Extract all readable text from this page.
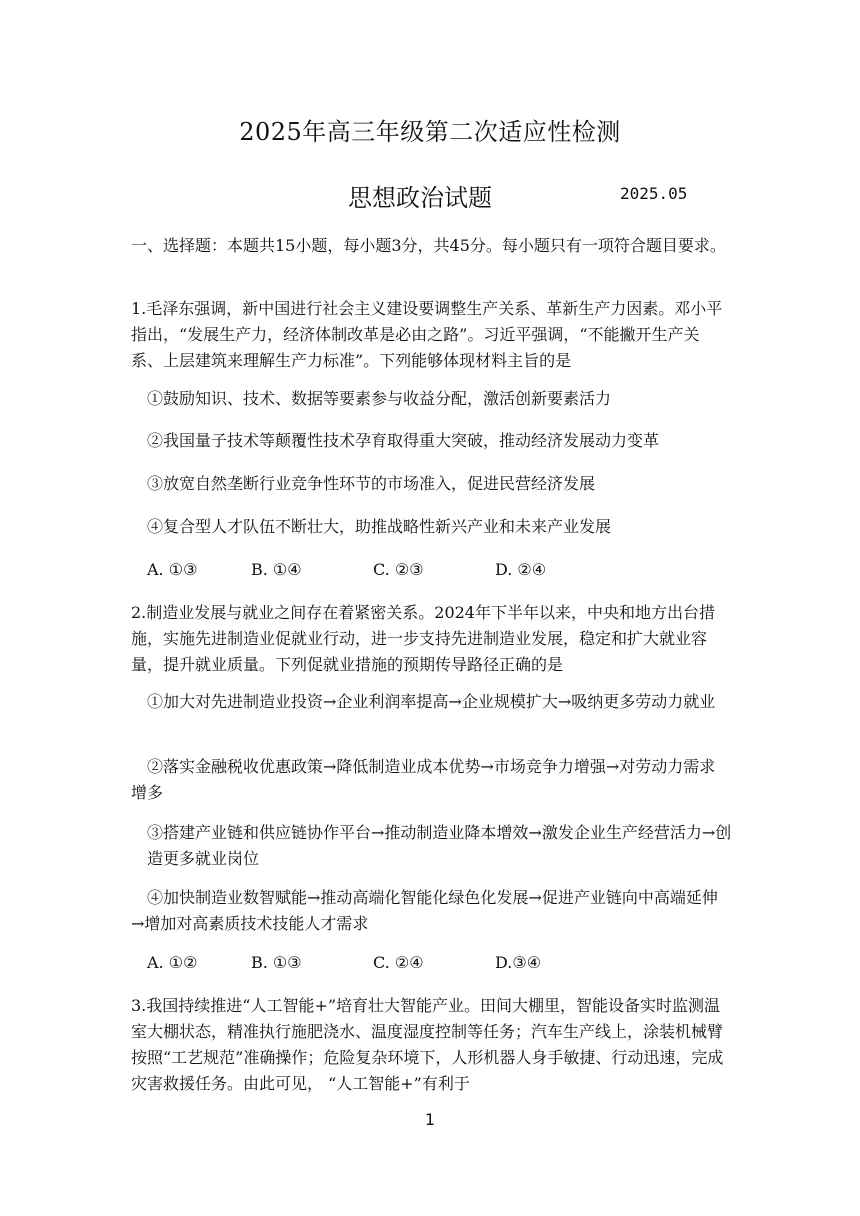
2025年高三年级第二次适应性检测
思想政治试题	2025.05

一、选择题：本题共15小题，每小题3分，共45分。每小题只有一项符合题目要求。

1.毛泽东强调，新中国进行社会主义建设要调整生产关系、革新生产力因素。邓小平指出，“发展生产力，经济体制改革是必由之路”。习近平强调，“不能撇开生产关系、上层建筑来理解生产力标准”。下列能够体现材料主旨的是

①鼓励知识、技术、数据等要素参与收益分配，激活创新要素活力

②我国量子技术等颠覆性技术孕育取得重大突破，推动经济发展动力变革

③放宽自然垄断行业竞争性环节的市场准入，促进民营经济发展

④复合型人才队伍不断壮大，助推战略性新兴产业和未来产业发展

A. ①③	B. ①④	C. ②③	D. ②④

2.制造业发展与就业之间存在着紧密关系。2024年下半年以来，中央和地方出台措施，实施先进制造业促就业行动，进一步支持先进制造业发展，稳定和扩大就业容量，提升就业质量。下列促就业措施的预期传导路径正确的是

①加大对先进制造业投资→企业利润率提高→企业规模扩大→吸纳更多劳动力就业

②落实金融税收优惠政策→降低制造业成本优势→市场竞争力增强→对劳动力需求增多

③搭建产业链和供应链协作平台→推动制造业降本增效→激发企业生产经营活力→创造更多就业岗位

④加快制造业数智赋能→推动高端化智能化绿色化发展→促进产业链向中高端延伸→增加对高素质技术技能人才需求

A. ①②	B. ①③	C. ②④	D.③④

3.我国持续推进“人工智能+”培育壮大智能产业。田间大棚里，智能设备实时监测温室大棚状态，精准执行施肥浇水、温度湿度控制等任务；汽车生产线上，涂装机械臂按照“工艺规范”准确操作；危险复杂环境下，人形机器人身手敏捷、行动迅速，完成灾害救援任务。由此可见， “人工智能+”有利于

1
